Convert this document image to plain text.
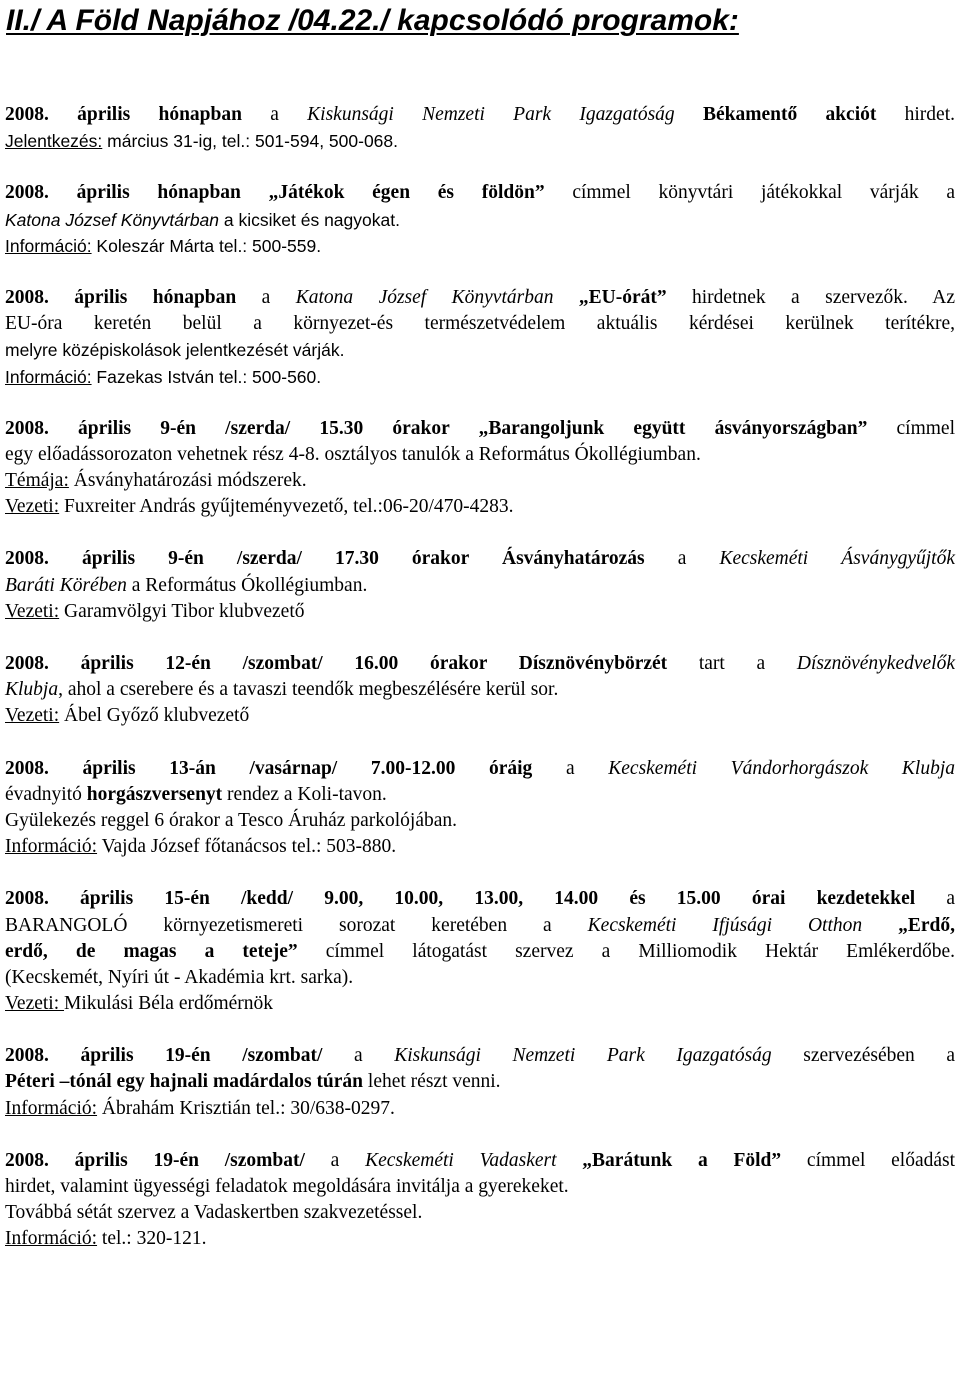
II./ A Föld Napjához /04.22./ kapcsolódó programok:
2008. április hónapban a Kiskunsági Nemzeti Park Igazgatóság Békamentő akciót hirdet.
Jelentkezés: március 31-ig, tel.: 501-594, 500-068.
2008. április hónapban „Játékok égen és földön” címmel könyvtári játékokkal várják a
Katona József Könyvtárban a kicsiket és nagyokat.
Információ: Koleszár Márta tel.: 500-559.
2008. április hónapban a Katona József Könyvtárban „EU-órát” hirdetnek a szervezők. Az
EU-óra keretén belül a környezet-és természetvédelem aktuális kérdései kerülnek terítékre,
melyre középiskolások jelentkezését várják.
Információ: Fazekas István tel.: 500-560.
2008. április 9-én /szerda/ 15.30 órakor „Barangoljunk együtt ásványországban” címmel
egy előadássorozaton vehetnek rész 4-8. osztályos tanulók a Református Ókollégiumban.
Témája: Ásványhatározási módszerek.
Vezeti: Fuxreiter András gyűjteményvezető, tel.:06-20/470-4283.
2008. április 9-én /szerda/ 17.30 órakor Ásványhatározás a Kecskeméti Ásványgyűjtők
Baráti Körében a Református Ókollégiumban.
Vezeti: Garamvölgyi Tibor klubvezető
2008. április 12-én /szombat/ 16.00 órakor Dísznövénybörzét tart a Dísznövénykedvelők
Klubja, ahol a cserebere és a tavaszi teendők megbeszélésére kerül sor.
Vezeti: Ábel Győző klubvezető
2008. április 13-án /vasárnap/ 7.00-12.00 óráig a Kecskeméti Vándorhorgászok Klubja
évadnyitó horgászversenyt rendez a Koli-tavon.
Gyülekezés reggel 6 órakor a Tesco Áruház parkolójában.
Információ: Vajda József főtanácsos tel.: 503-880.
2008. április 15-én /kedd/ 9.00, 10.00, 13.00, 14.00 és 15.00 órai kezdetekkel a
BARANGOLÓ környezetismereti sorozat keretében a Kecskeméti Ifjúsági Otthon „Erdő,
erdő, de magas a teteje” címmel látogatást szervez a Milliomodik Hektár Emlékerdőbe.
(Kecskemét, Nyíri út - Akadémia krt. sarka).
Vezeti: Mikulási Béla erdőmérnök
2008. április 19-én /szombat/ a Kiskunsági Nemzeti Park Igazgatóság szervezésében a
Péteri –tónál egy hajnali madárdalos túrán lehet részt venni.
Információ: Ábrahám Krisztián tel.: 30/638-0297.
2008. április 19-én /szombat/ a Kecskeméti Vadaskert „Barátunk a Föld” címmel előadást
hirdet, valamint ügyességi feladatok megoldására invitálja a gyerekeket.
Továbbá sétát szervez a Vadaskertben szakvezetéssel.
Információ: tel.: 320-121.
